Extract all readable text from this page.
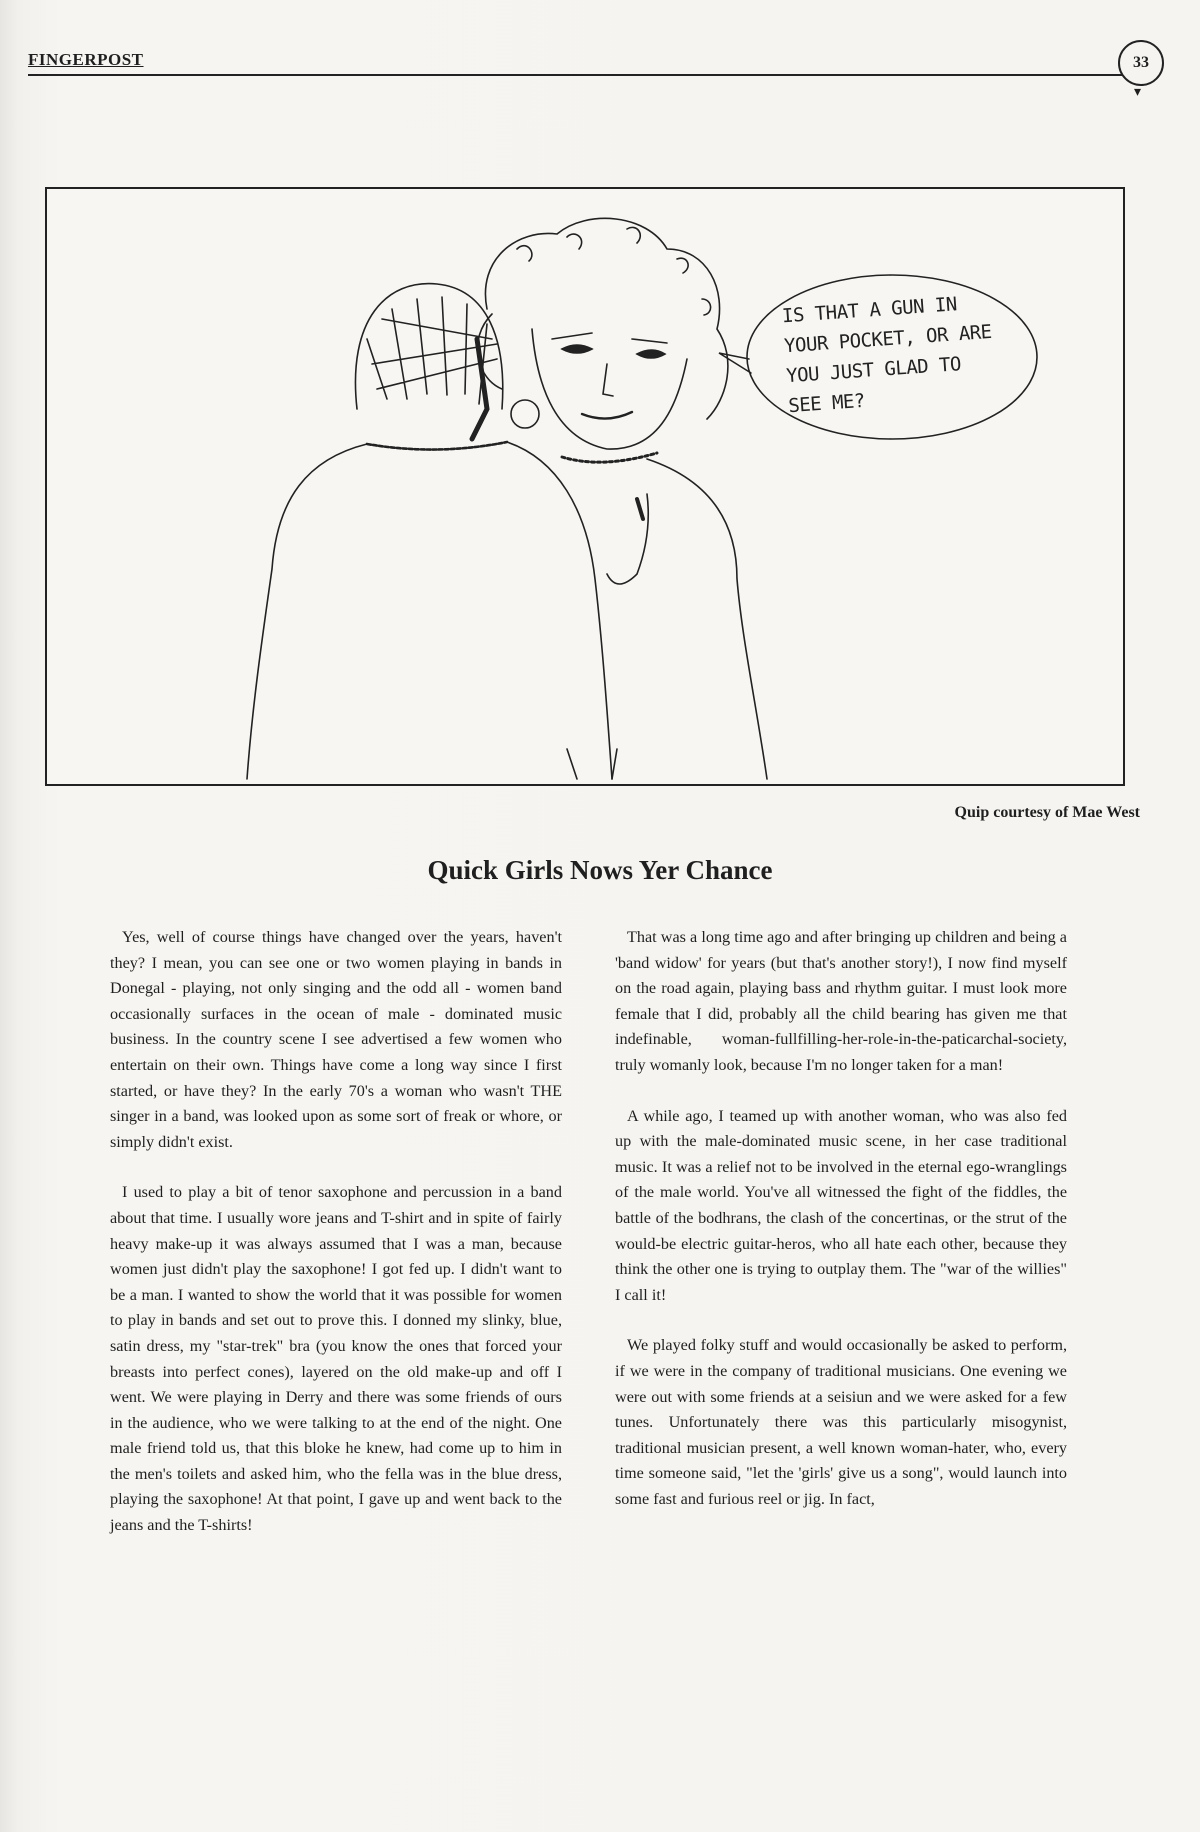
FINGERPOST	33
▾
IS THAT A GUN IN YOUR POCKET, OR ARE YOU JUST GLAD TO SEE ME?
Quip courtesy of Mae West
Quick Girls Nows Yer Chance

Yes, well of course things have changed over the years, haven't they? I mean, you can see one or two women playing in bands in Donegal - playing, not only singing and the odd all - women band occasionally surfaces in the ocean of male - dominated music business. In the country scene I see advertised a few women who entertain on their own. Things have come a long way since I first started, or have they? In the early 70's a woman who wasn't THE singer in a band, was looked upon as some sort of freak or whore, or simply didn't exist.

I used to play a bit of tenor saxophone and percussion in a band about that time. I usually wore jeans and T-shirt and in spite of fairly heavy make-up it was always assumed that I was a man, because women just didn't play the saxophone! I got fed up. I didn't want to be a man. I wanted to show the world that it was possible for women to play in bands and set out to prove this. I donned my slinky, blue, satin dress, my "star-trek" bra (you know the ones that forced your breasts into perfect cones), layered on the old make-up and off I went. We were playing in Derry and there was some friends of ours in the audience, who we were talking to at the end of the night. One male friend told us, that this bloke he knew, had come up to him in the men's toilets and asked him, who the fella was in the blue dress, playing the saxophone! At that point, I gave up and went back to the jeans and the T-shirts!

That was a long time ago and after bringing up children and being a 'band widow' for years (but that's another story!), I now find myself on the road again, playing bass and rhythm guitar. I must look more female that I did, probably all the child bearing has given me that indefinable, woman-fullfilling-her-role-in-the-paticarchal-society, truly womanly look, because I'm no longer taken for a man!

A while ago, I teamed up with another woman, who was also fed up with the male-dominated music scene, in her case traditional music. It was a relief not to be involved in the eternal ego-wranglings of the male world. You've all witnessed the fight of the fiddles, the battle of the bodhrans, the clash of the concertinas, or the strut of the would-be electric guitar-heros, who all hate each other, because they think the other one is trying to outplay them. The "war of the willies" I call it!

We played folky stuff and would occasionally be asked to perform, if we were in the company of traditional musicians. One evening we were out with some friends at a seisiun and we were asked for a few tunes. Unfortunately there was this particularly misogynist, traditional musician present, a well known woman-hater, who, every time someone said, "let the 'girls' give us a song", would launch into some fast and furious reel or jig. In fact,
